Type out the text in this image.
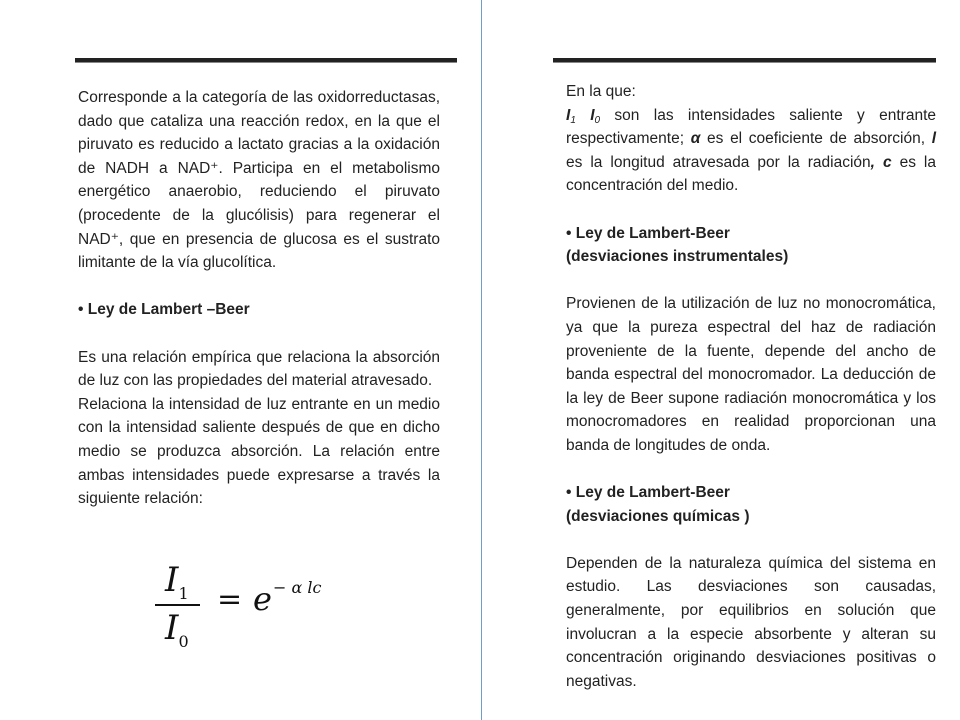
Corresponde a la categoría de las oxidorreductasas, dado que cataliza una reacción redox, en la que el piruvato es reducido a lactato gracias a la oxidación de NADH a NAD⁺. Participa en el metabolismo energético anaerobio, reduciendo el piruvato (procedente de la glucólisis) para regenerar el NAD⁺, que en presencia de glucosa es el sustrato limitante de la vía glucolítica.

• Ley de Lambert –Beer

Es una relación empírica que relaciona la absorción de luz con las propiedades del material atravesado.

Relaciona la intensidad de luz entrante en un medio con la intensidad saliente después de que en dicho medio se produzca absorción. La relación entre ambas intensidades puede expresarse a través la siguiente relación:

$I_1$
$I_0$
= e − α lc

En la que:

$I_1$ $I_0$ son las intensidades saliente y entrante respectivamente; α es el coeficiente de absorción, l es la longitud atravesada por la radiación, c es la concentración del medio.

• Ley de Lambert-Beer
(desviaciones instrumentales)

Provienen de la utilización de luz no monocromática, ya que la pureza espectral del haz de radiación proveniente de la fuente, depende del ancho de banda espectral del monocromador. La deducción de la ley de Beer supone radiación monocromática y los monocromadores en realidad proporcionan una banda de longitudes de onda.

• Ley de Lambert-Beer
(desviaciones químicas )

Dependen de la naturaleza química del sistema en estudio. Las desviaciones son causadas, generalmente, por equilibrios en solución que involucran a la especie absorbente y alteran su concentración originando desviaciones positivas o negativas.
